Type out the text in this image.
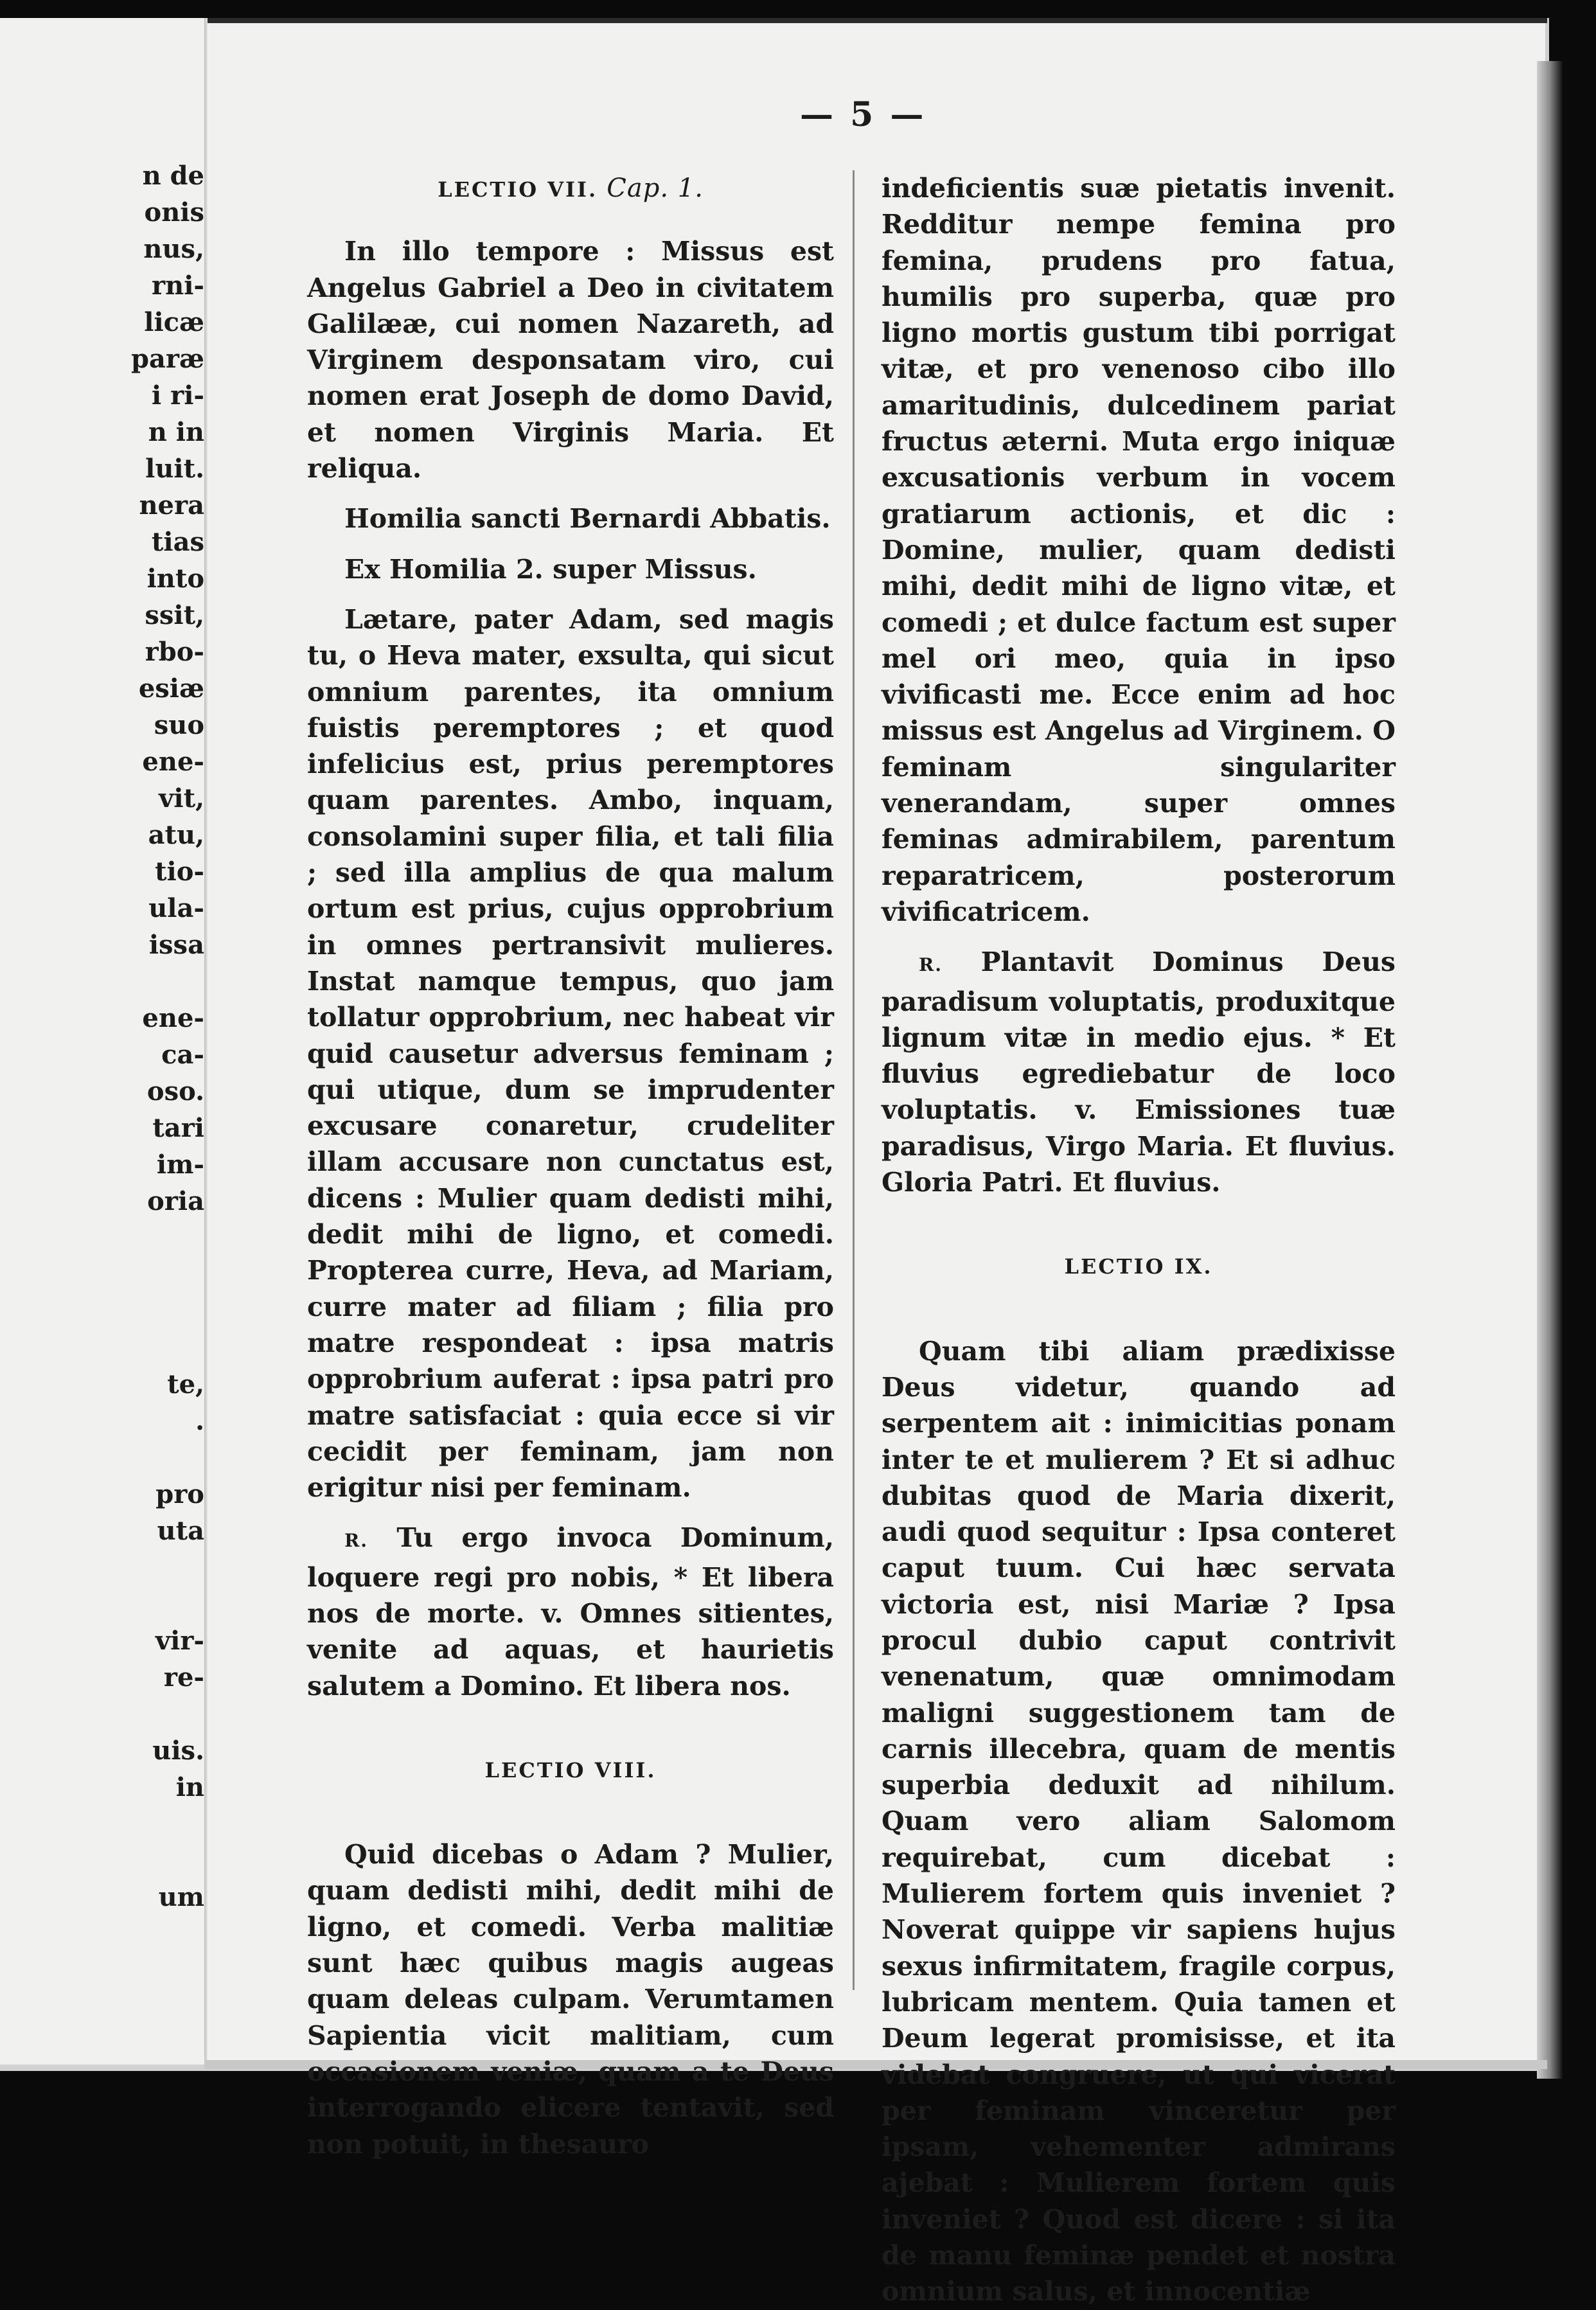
n de
onis
nus,
rni-
licæ
paræ
i ri-
n in
luit.
nera
tias
into
ssit,
rbo-
esiæ
suo
ene-
vit,
atu,
tio-
ula-
issa
ene-
ca-
oso.
tari
im-
oria
te,
.
pro
uta
vir-
re-
uis.
in
um
— 5 —
LECTIO VII. Cap. 1.

In illo tempore : Missus est Angelus Gabriel a Deo in civitatem Galilææ, cui nomen Nazareth, ad Virginem desponsatam viro, cui nomen erat Joseph de domo David, et nomen Virginis Maria. Et reliqua.

Homilia sancti Bernardi Abbatis.

Ex Homilia 2. super Missus.

Lætare, pater Adam, sed magis tu, o Heva mater, exsulta, qui sicut omnium parentes, ita omnium fuistis peremptores ; et quod infelicius est, prius peremptores quam parentes. Ambo, inquam, consolamini super filia, et tali filia ; sed illa amplius de qua malum ortum est prius, cujus opprobrium in omnes pertransivit mulieres. Instat namque tempus, quo jam tollatur opprobrium, nec habeat vir quid causetur adversus feminam ; qui utique, dum se imprudenter excusare conaretur, crudeliter illam accusare non cunctatus est, dicens : Mulier quam dedisti mihi, dedit mihi de ligno, et comedi. Propterea curre, Heva, ad Mariam, curre mater ad filiam ; filia pro matre respondeat : ipsa matris opprobrium auferat : ipsa patri pro matre satisfaciat : quia ecce si vir cecidit per feminam, jam non erigitur nisi per feminam.

R. Tu ergo invoca Dominum, loquere regi pro nobis, * Et libera nos de morte. v. Omnes sitientes, venite ad aquas, et haurietis salutem a Domino. Et libera nos.

LECTIO VIII.

Quid dicebas o Adam ? Mulier, quam dedisti mihi, dedit mihi de ligno, et comedi. Verba malitiæ sunt hæc quibus magis augeas quam deleas culpam. Verumtamen Sapientia vicit malitiam, cum occasionem veniæ, quam a te Deus interrogando elicere tentavit, sed non potuit, in thesauro

indeficientis suæ pietatis invenit. Redditur nempe femina pro femina, prudens pro fatua, humilis pro superba, quæ pro ligno mortis gustum tibi porrigat vitæ, et pro venenoso cibo illo amaritudinis, dulcedinem pariat fructus æterni. Muta ergo iniquæ excusationis verbum in vocem gratiarum actionis, et dic : Domine, mulier, quam dedisti mihi, dedit mihi de ligno vitæ, et comedi ; et dulce factum est super mel ori meo, quia in ipso vivificasti me. Ecce enim ad hoc missus est Angelus ad Virginem. O feminam singulariter venerandam, super omnes feminas admirabilem, parentum reparatricem, posterorum vivificatricem.

R. Plantavit Dominus Deus paradisum voluptatis, produxitque lignum vitæ in medio ejus. * Et fluvius egrediebatur de loco voluptatis. v. Emissiones tuæ paradisus, Virgo Maria. Et fluvius. Gloria Patri. Et fluvius.

LECTIO IX.

Quam tibi aliam prædixisse Deus videtur, quando ad serpentem ait : inimicitias ponam inter te et mulierem ? Et si adhuc dubitas quod de Maria dixerit, audi quod sequitur : Ipsa conteret caput tuum. Cui hæc servata victoria est, nisi Mariæ ? Ipsa procul dubio caput contrivit venenatum, quæ omnimodam maligni suggestionem tam de carnis illecebra, quam de mentis superbia deduxit ad nihilum. Quam vero aliam Salomom requirebat, cum dicebat : Mulierem fortem quis inveniet ? Noverat quippe vir sapiens hujus sexus infirmitatem, fragile corpus, lubricam mentem. Quia tamen et Deum legerat promisisse, et ita videbat congruere, ut qui vicerat per feminam vinceretur per ipsam, vehementer admirans ajebat : Mulierem fortem quis inveniet ? Quod est dicere : si ita de manu feminæ pendet et nostra omnium salus, et innocentiæ
